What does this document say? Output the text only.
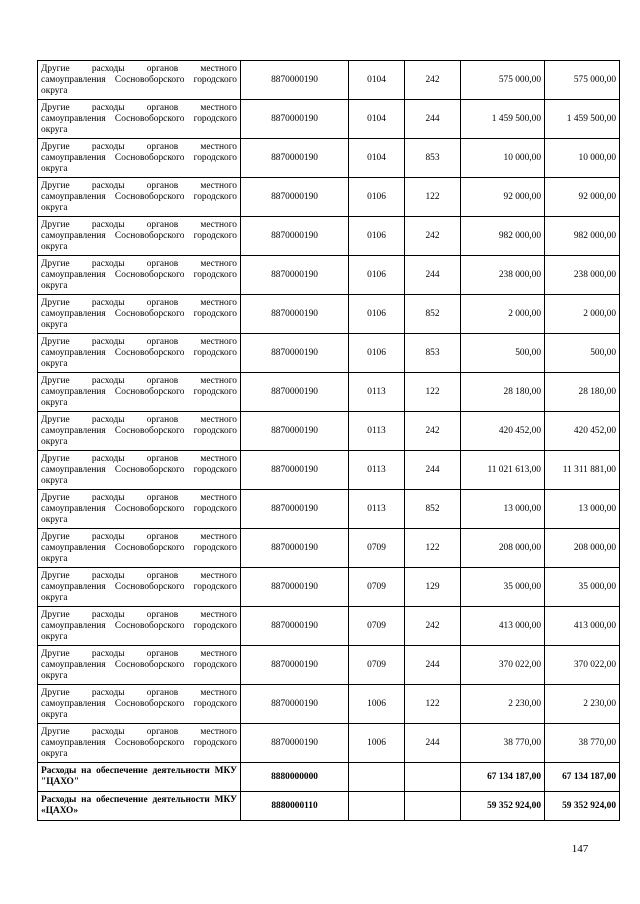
Другие расходы органов местного самоуправления Сосновоборского городского округа	8870000190	0104	242	575 000,00	575 000,00
Другие расходы органов местного самоуправления Сосновоборского городского округа	8870000190	0104	244	1 459 500,00	1 459 500,00
Другие расходы органов местного самоуправления Сосновоборского городского округа	8870000190	0104	853	10 000,00	10 000,00
Другие расходы органов местного самоуправления Сосновоборского городского округа	8870000190	0106	122	92 000,00	92 000,00
Другие расходы органов местного самоуправления Сосновоборского городского округа	8870000190	0106	242	982 000,00	982 000,00
Другие расходы органов местного самоуправления Сосновоборского городского округа	8870000190	0106	244	238 000,00	238 000,00
Другие расходы органов местного самоуправления Сосновоборского городского округа	8870000190	0106	852	2 000,00	2 000,00
Другие расходы органов местного самоуправления Сосновоборского городского округа	8870000190	0106	853	500,00	500,00
Другие расходы органов местного самоуправления Сосновоборского городского округа	8870000190	0113	122	28 180,00	28 180,00
Другие расходы органов местного самоуправления Сосновоборского городского округа	8870000190	0113	242	420 452,00	420 452,00
Другие расходы органов местного самоуправления Сосновоборского городского округа	8870000190	0113	244	11 021 613,00	11 311 881,00
Другие расходы органов местного самоуправления Сосновоборского городского округа	8870000190	0113	852	13 000,00	13 000,00
Другие расходы органов местного самоуправления Сосновоборского городского округа	8870000190	0709	122	208 000,00	208 000,00
Другие расходы органов местного самоуправления Сосновоборского городского округа	8870000190	0709	129	35 000,00	35 000,00
Другие расходы органов местного самоуправления Сосновоборского городского округа	8870000190	0709	242	413 000,00	413 000,00
Другие расходы органов местного самоуправления Сосновоборского городского округа	8870000190	0709	244	370 022,00	370 022,00
Другие расходы органов местного самоуправления Сосновоборского городского округа	8870000190	1006	122	2 230,00	2 230,00
Другие расходы органов местного самоуправления Сосновоборского городского округа	8870000190	1006	244	38 770,00	38 770,00
Расходы на обеспечение деятельности МКУ "ЦАХО"	8880000000			67 134 187,00	67 134 187,00
Расходы на обеспечение деятельности МКУ «ЦАХО»	8880000110			59 352 924,00	59 352 924,00
147
